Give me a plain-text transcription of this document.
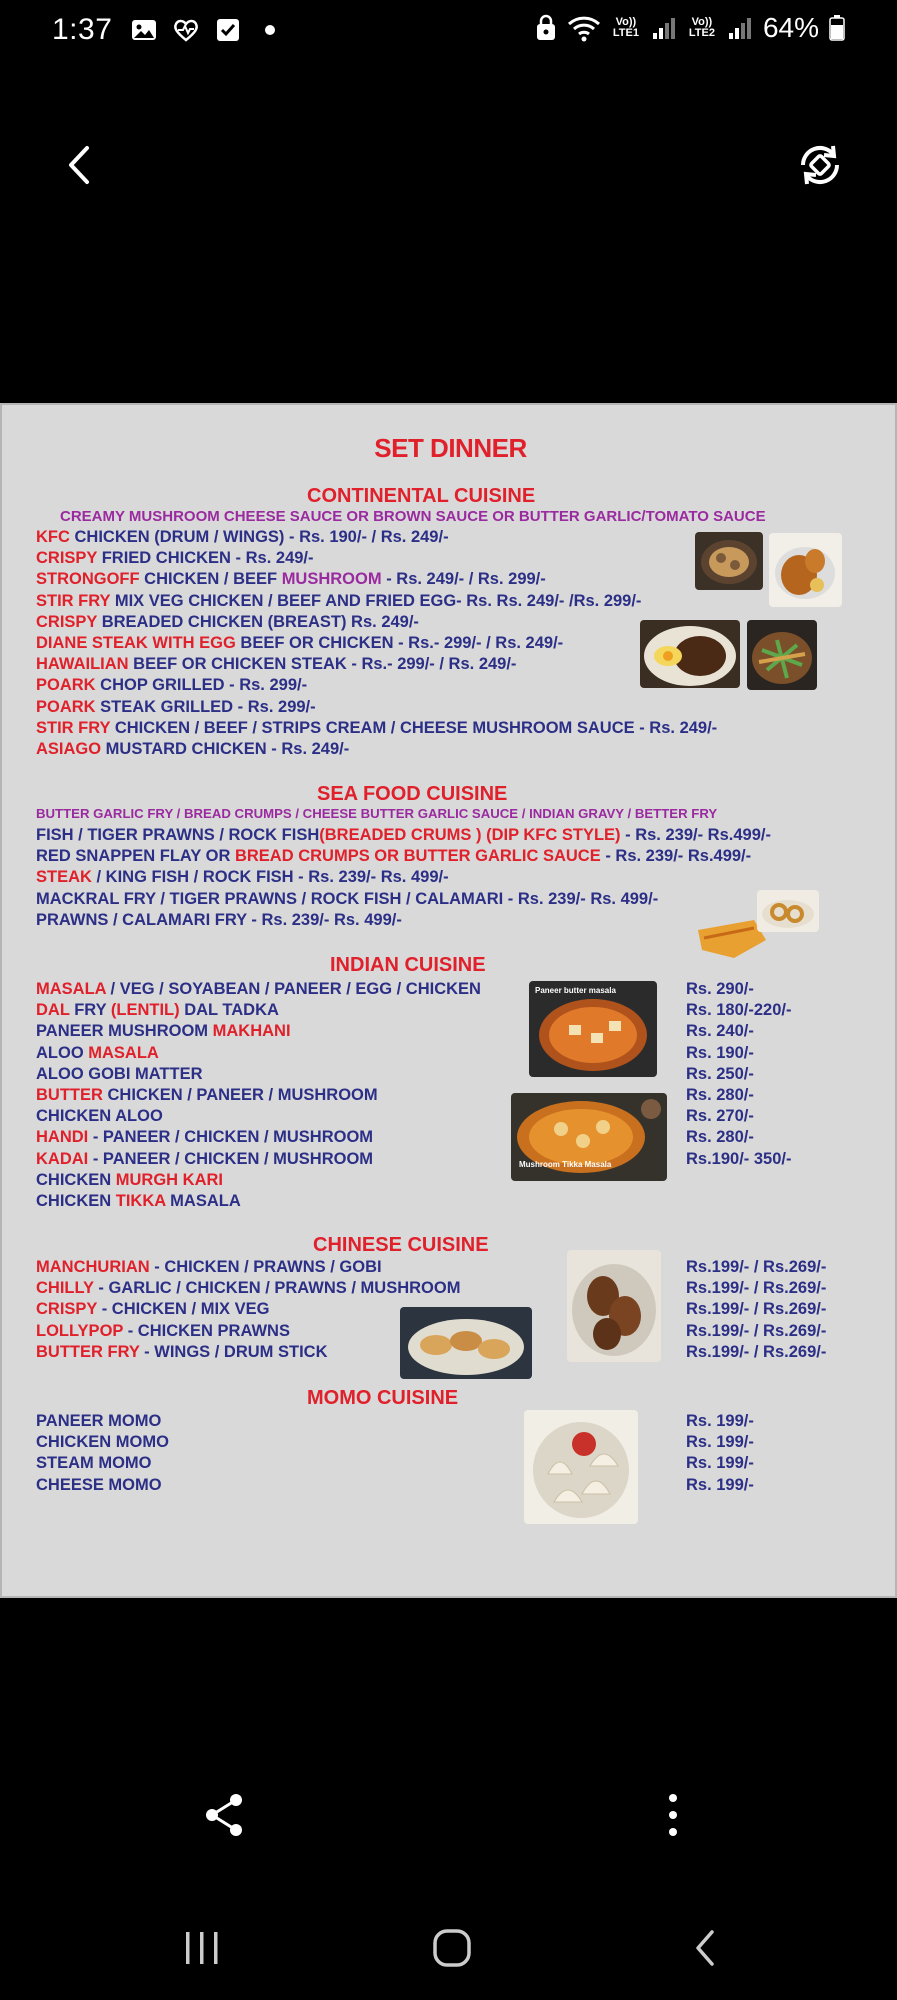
1:37	Vo)) LTE1
Vo)) LTE2 64%
SET DINNER
CONTINENTAL CUISINE
CREAMY MUSHROOM CHEESE SAUCE OR BROWN SAUCE OR BUTTER GARLIC/TOMATO SAUCE
KFC CHICKEN (DRUM / WINGS) - Rs. 190/- / Rs. 249/-
CRISPY FRIED CHICKEN - Rs. 249/-
STRONGOFF CHICKEN / BEEF MUSHROOM - Rs. 249/- / Rs. 299/-
STIR FRY MIX VEG CHICKEN / BEEF AND FRIED EGG- Rs. Rs. 249/- /Rs. 299/-
CRISPY BREADED CHICKEN (BREAST) Rs. 249/-
DIANE STEAK WITH EGG BEEF OR CHICKEN - Rs.- 299/- / Rs. 249/-
HAWAILIAN BEEF OR CHICKEN STEAK - Rs.- 299/- / Rs. 249/-
POARK CHOP GRILLED - Rs. 299/-
POARK STEAK GRILLED - Rs. 299/-
STIR FRY CHICKEN / BEEF / STRIPS CREAM / CHEESE MUSHROOM SAUCE - Rs. 249/-
ASIAGO MUSTARD CHICKEN - Rs. 249/-
SEA FOOD CUISINE
BUTTER GARLIC FRY / BREAD CRUMPS / CHEESE BUTTER GARLIC SAUCE / INDIAN GRAVY / BETTER FRY
FISH / TIGER PRAWNS / ROCK FISH(BREADED CRUMS ) (DIP KFC STYLE) - Rs. 239/- Rs.499/-
RED SNAPPEN FLAY OR BREAD CRUMPS OR BUTTER GARLIC SAUCE - Rs. 239/- Rs.499/-
STEAK / KING FISH / ROCK FISH - Rs. 239/- Rs. 499/-
MACKRAL FRY / TIGER PRAWNS / ROCK FISH / CALAMARI - Rs. 239/- Rs. 499/-
PRAWNS / CALAMARI FRY - Rs. 239/- Rs. 499/-
INDIAN CUISINE
MASALA / VEG / SOYABEAN / PANEER / EGG / CHICKEN	Rs. 290/-
DAL FRY (LENTIL) DAL TADKA	Rs. 180/-220/-
PANEER MUSHROOM MAKHANI	Rs. 240/-
ALOO MASALA	Rs. 190/-
ALOO GOBI MATTER	Rs. 250/-
BUTTER CHICKEN / PANEER / MUSHROOM	Rs. 280/-
CHICKEN ALOO	Rs. 270/-
HANDI - PANEER / CHICKEN / MUSHROOM	Rs. 280/-
KADAI - PANEER / CHICKEN / MUSHROOM	Rs.190/- 350/-
CHICKEN MURGH KARI
CHICKEN TIKKA MASALA
Paneer butter masala
Mushroom Tikka Masala
CHINESE CUISINE
MANCHURIAN - CHICKEN / PRAWNS / GOBI	Rs.199/- / Rs.269/-
CHILLY - GARLIC / CHICKEN / PRAWNS / MUSHROOM	Rs.199/- / Rs.269/-
CRISPY - CHICKEN / MIX VEG	Rs.199/- / Rs.269/-
LOLLYPOP - CHICKEN PRAWNS	Rs.199/- / Rs.269/-
BUTTER FRY - WINGS / DRUM STICK	Rs.199/- / Rs.269/-
MOMO CUISINE
PANEER MOMO	Rs. 199/-
CHICKEN MOMO	Rs. 199/-
STEAM MOMO	Rs. 199/-
CHEESE MOMO	Rs. 199/-
